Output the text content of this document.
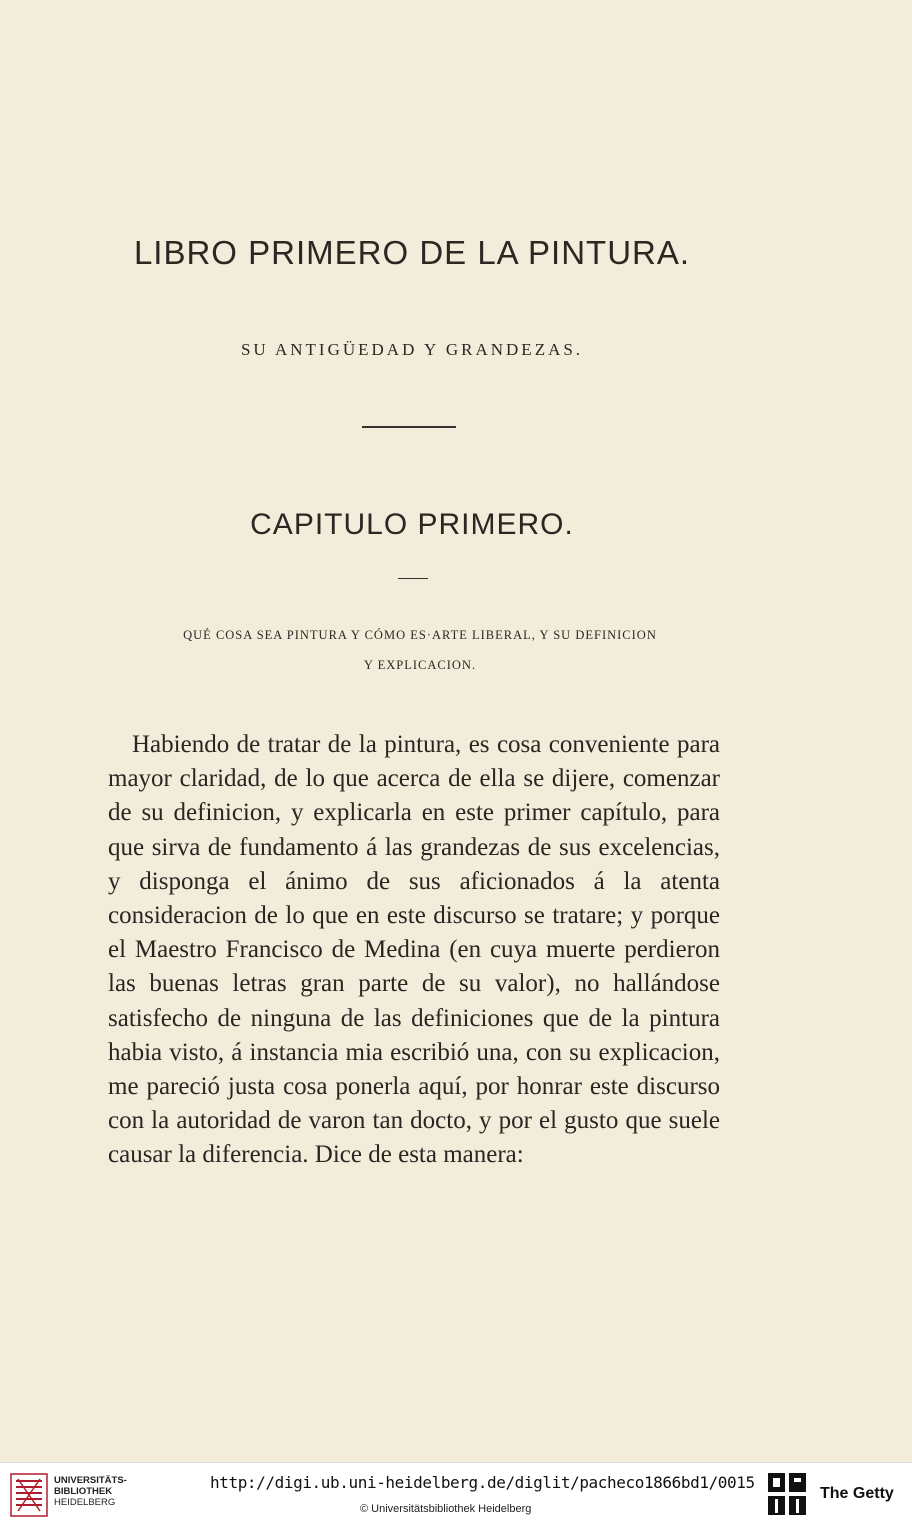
LIBRO PRIMERO DE LA PINTURA.
SU ANTIGÜEDAD Y GRANDEZAS.
CAPITULO PRIMERO.
QUÉ COSA SEA PINTURA Y CÓMO ES·ARTE LIBERAL, Y SU DEFINICION
Y EXPLICACION.

Habiendo de tratar de la pintura, es cosa conveniente para mayor claridad, de lo que acerca de ella se dijere, comenzar de su definicion, y explicarla en este primer capítulo, para que sirva de fundamento á las grandezas de sus excelencias, y disponga el ánimo de sus aficionados á la atenta consideracion de lo que en este discurso se tratare; y porque el Maestro Francisco de Medina (en cuya muerte perdieron las buenas letras gran parte de su valor), no hallándose satisfecho de ninguna de las definiciones que de la pintura habia visto, á instancia mia escribió una, con su explicacion, me pareció justa cosa ponerla aquí, por honrar este discurso con la autoridad de varon tan docto, y por el gusto que suele causar la diferencia. Dice de esta manera:

UNIVERSITÄTS-
BIBLIOTHEK
HEIDELBERG
http://digi.ub.uni-heidelberg.de/diglit/pacheco1866bd1/0015
© Universitätsbibliothek Heidelberg
The Getty
